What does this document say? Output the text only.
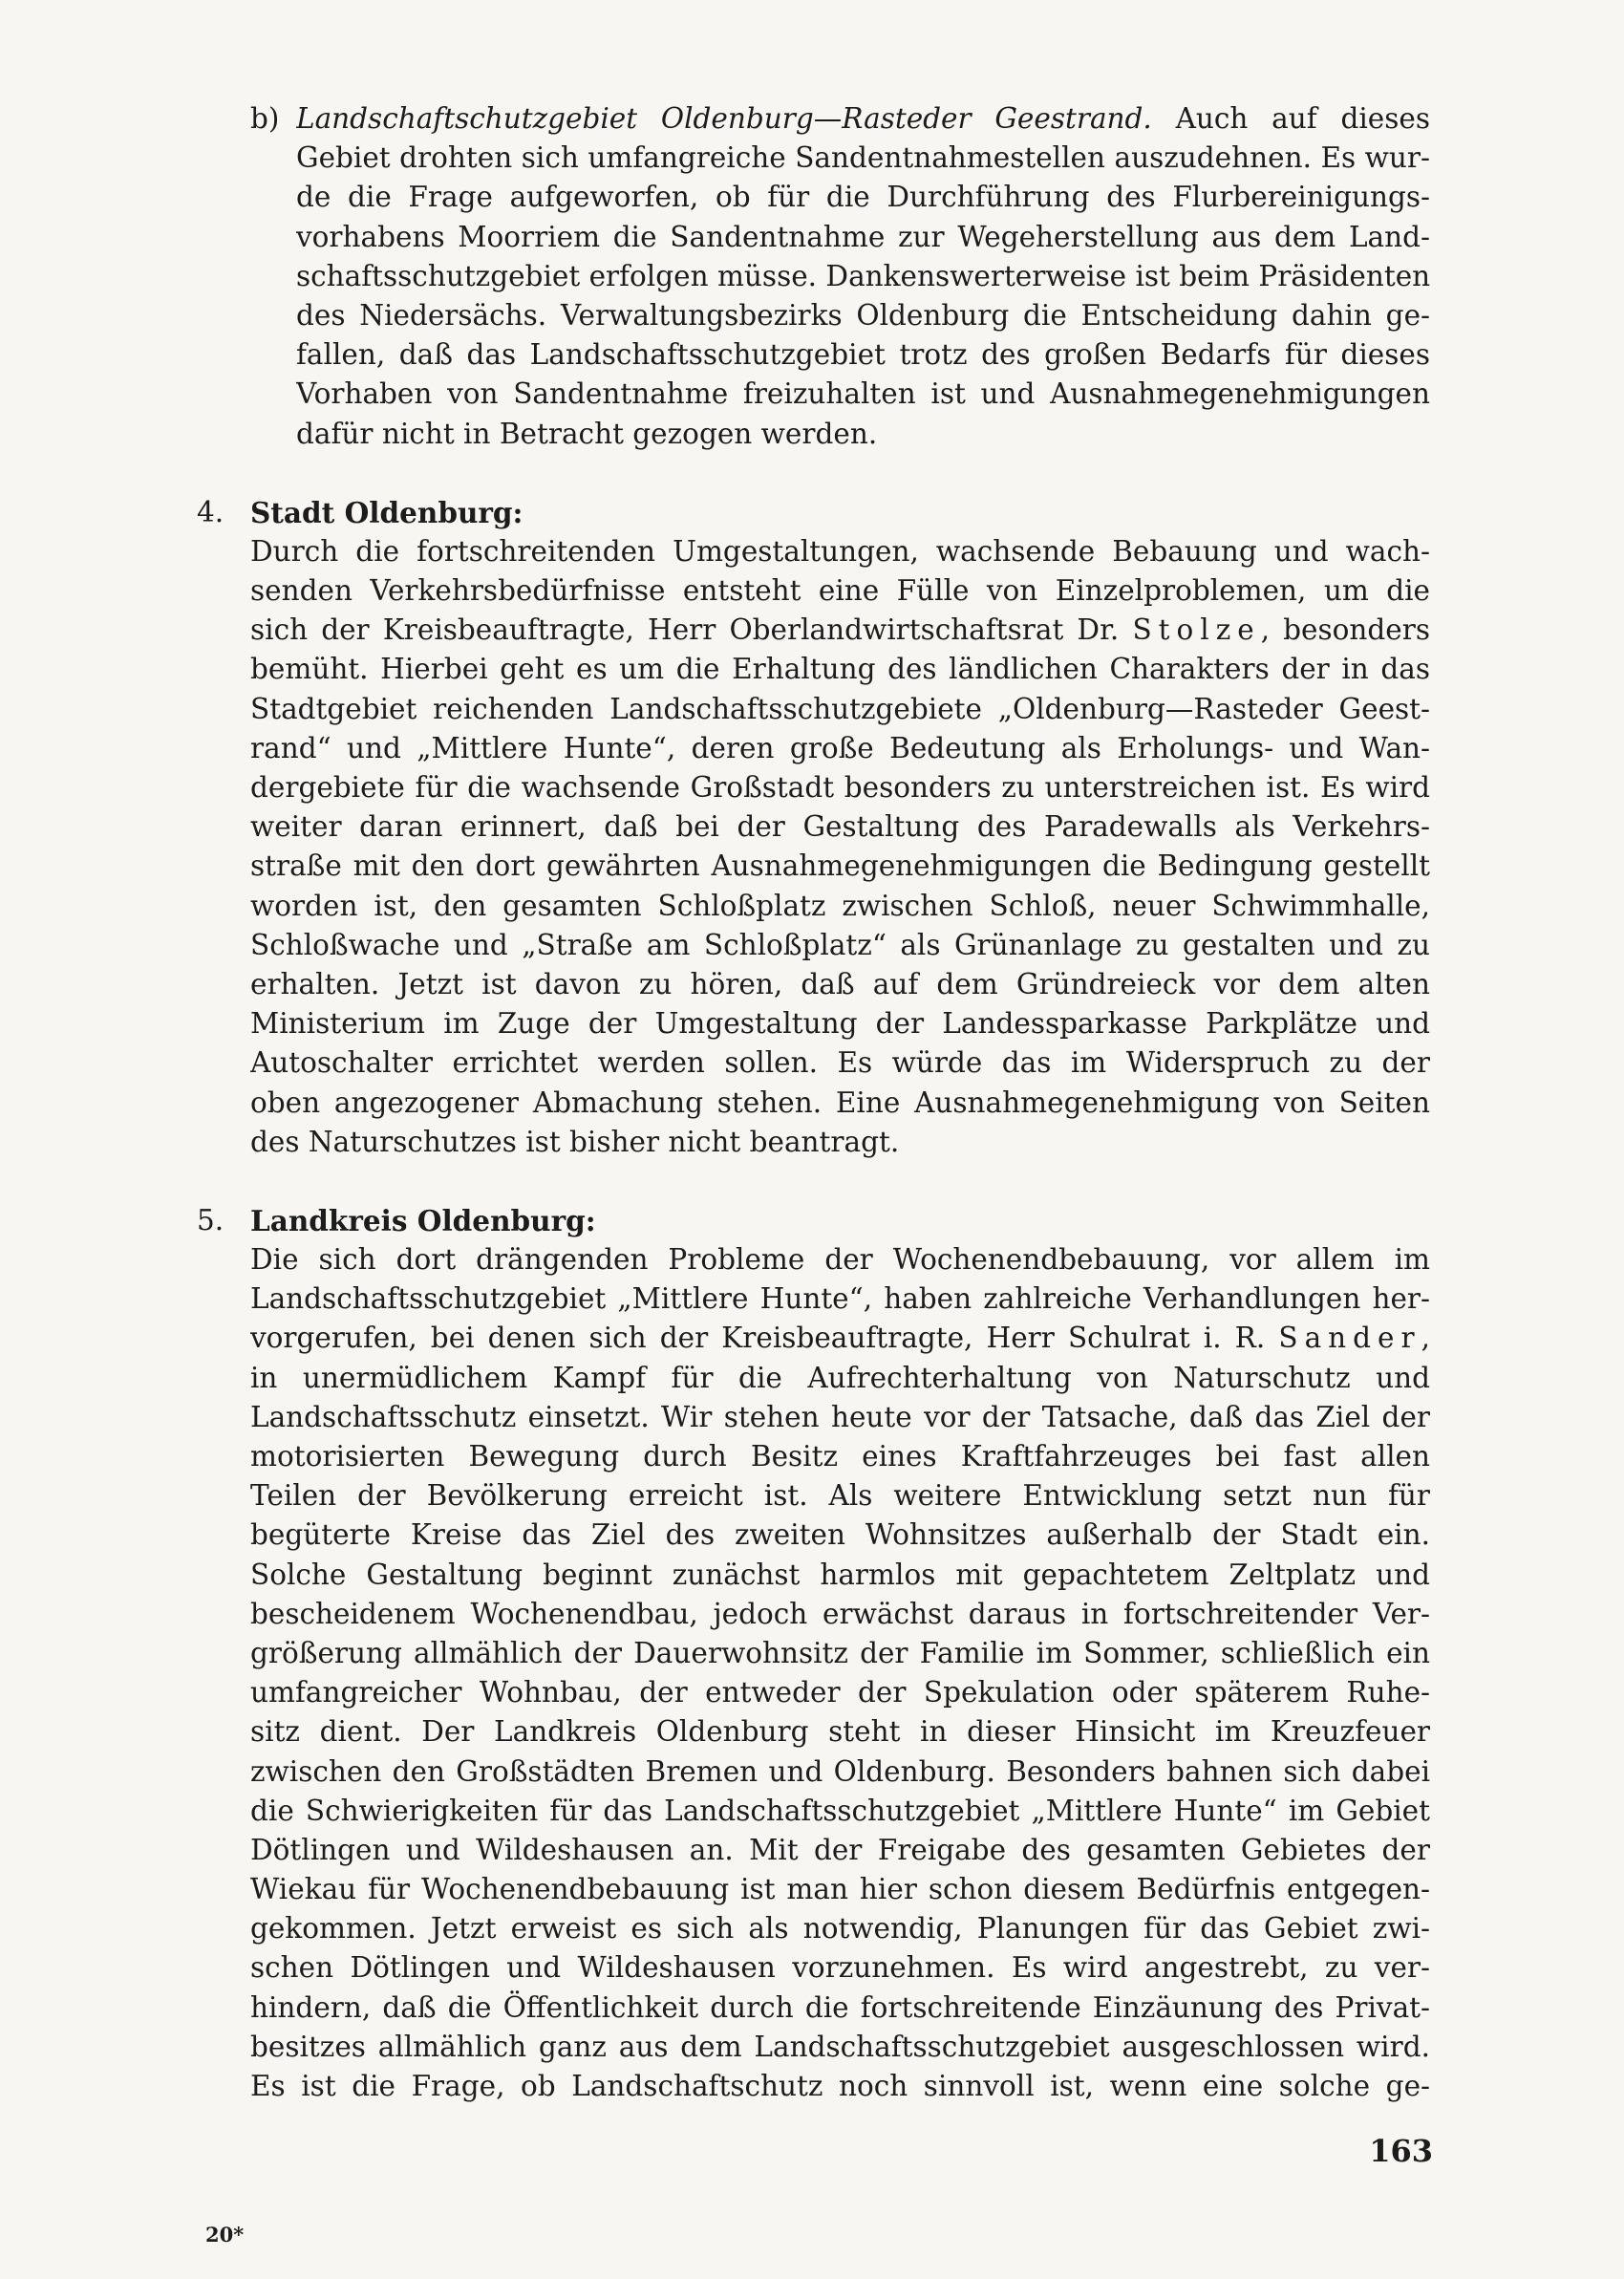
b) Landschaftschutzgebiet Oldenburg—Rasteder Geestrand. Auch auf dieses
Gebiet drohten sich umfangreiche Sandentnahmestellen auszudehnen. Es wur-
de die Frage aufgeworfen, ob für die Durchführung des Flurbereinigungs-
vorhabens Moorriem die Sandentnahme zur Wegeherstellung aus dem Land-
schaftsschutzgebiet erfolgen müsse. Dankenswerterweise ist beim Präsidenten
des Niedersächs. Verwaltungsbezirks Oldenburg die Entscheidung dahin ge-
fallen, daß das Landschaftsschutzgebiet trotz des großen Bedarfs für dieses
Vorhaben von Sandentnahme freizuhalten ist und Ausnahmegenehmigungen
dafür nicht in Betracht gezogen werden.
4. Stadt Oldenburg:
Durch die fortschreitenden Umgestaltungen, wachsende Bebauung und wach-
senden Verkehrsbedürfnisse entsteht eine Fülle von Einzelproblemen, um die
sich der Kreisbeauftragte, Herr Oberlandwirtschaftsrat Dr. Stolze, besonders
bemüht. Hierbei geht es um die Erhaltung des ländlichen Charakters der in das
Stadtgebiet reichenden Landschaftsschutzgebiete „Oldenburg—Rasteder Geest-
rand“ und „Mittlere Hunte“, deren große Bedeutung als Erholungs- und Wan-
dergebiete für die wachsende Großstadt besonders zu unterstreichen ist. Es wird
weiter daran erinnert, daß bei der Gestaltung des Paradewalls als Verkehrs-
straße mit den dort gewährten Ausnahmegenehmigungen die Bedingung gestellt
worden ist, den gesamten Schloßplatz zwischen Schloß, neuer Schwimmhalle,
Schloßwache und „Straße am Schloßplatz“ als Grünanlage zu gestalten und zu
erhalten. Jetzt ist davon zu hören, daß auf dem Gründreieck vor dem alten
Ministerium im Zuge der Umgestaltung der Landessparkasse Parkplätze und
Autoschalter errichtet werden sollen. Es würde das im Widerspruch zu der
oben angezogener Abmachung stehen. Eine Ausnahmegenehmigung von Seiten
des Naturschutzes ist bisher nicht beantragt.
5. Landkreis Oldenburg:
Die sich dort drängenden Probleme der Wochenendbebauung, vor allem im
Landschaftsschutzgebiet „Mittlere Hunte“, haben zahlreiche Verhandlungen her-
vorgerufen, bei denen sich der Kreisbeauftragte, Herr Schulrat i. R. Sander,
in unermüdlichem Kampf für die Aufrechterhaltung von Naturschutz und
Landschaftsschutz einsetzt. Wir stehen heute vor der Tatsache, daß das Ziel der
motorisierten Bewegung durch Besitz eines Kraftfahrzeuges bei fast allen
Teilen der Bevölkerung erreicht ist. Als weitere Entwicklung setzt nun für
begüterte Kreise das Ziel des zweiten Wohnsitzes außerhalb der Stadt ein.
Solche Gestaltung beginnt zunächst harmlos mit gepachtetem Zeltplatz und
bescheidenem Wochenendbau, jedoch erwächst daraus in fortschreitender Ver-
größerung allmählich der Dauerwohnsitz der Familie im Sommer, schließlich ein
umfangreicher Wohnbau, der entweder der Spekulation oder späterem Ruhe-
sitz dient. Der Landkreis Oldenburg steht in dieser Hinsicht im Kreuzfeuer
zwischen den Großstädten Bremen und Oldenburg. Besonders bahnen sich dabei
die Schwierigkeiten für das Landschaftsschutzgebiet „Mittlere Hunte“ im Gebiet
Dötlingen und Wildeshausen an. Mit der Freigabe des gesamten Gebietes der
Wiekau für Wochenendbebauung ist man hier schon diesem Bedürfnis entgegen-
gekommen. Jetzt erweist es sich als notwendig, Planungen für das Gebiet zwi-
schen Dötlingen und Wildeshausen vorzunehmen. Es wird angestrebt, zu ver-
hindern, daß die Öffentlichkeit durch die fortschreitende Einzäunung des Privat-
besitzes allmählich ganz aus dem Landschaftsschutzgebiet ausgeschlossen wird.
Es ist die Frage, ob Landschaftschutz noch sinnvoll ist, wenn eine solche ge-
163
20*
